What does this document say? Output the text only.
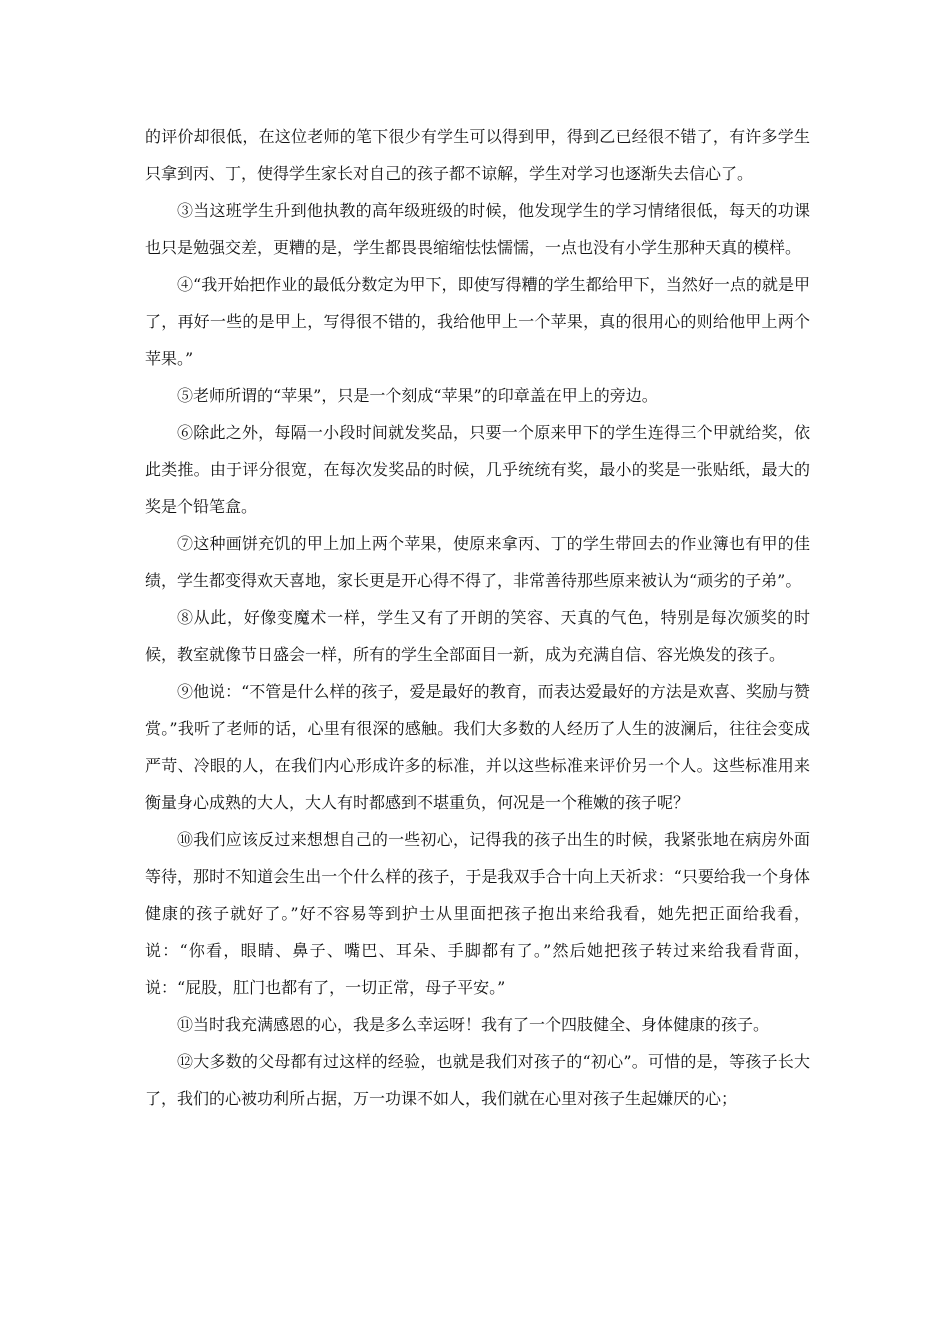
的评价却很低，在这位老师的笔下很少有学生可以得到甲，得到乙已经很不错了，有许多学生只拿到丙、丁，使得学生家长对自己的孩子都不谅解，学生对学习也逐渐失去信心了。

③当这班学生升到他执教的高年级班级的时候，他发现学生的学习情绪很低，每天的功课也只是勉强交差，更糟的是，学生都畏畏缩缩怯怯懦懦，一点也没有小学生那种天真的模样。

④“我开始把作业的最低分数定为甲下，即使写得糟的学生都给甲下，当然好一点的就是甲了，再好一些的是甲上，写得很不错的，我给他甲上一个苹果，真的很用心的则给他甲上两个苹果。”

⑤老师所谓的“苹果”，只是一个刻成“苹果”的印章盖在甲上的旁边。

⑥除此之外，每隔一小段时间就发奖品，只要一个原来甲下的学生连得三个甲就给奖，依此类推。由于评分很宽，在每次发奖品的时候，几乎统统有奖，最小的奖是一张贴纸，最大的奖是个铅笔盒。

⑦这种画饼充饥的甲上加上两个苹果，使原来拿丙、丁的学生带回去的作业簿也有甲的佳绩，学生都变得欢天喜地，家长更是开心得不得了，非常善待那些原来被认为“顽劣的子弟”。

⑧从此，好像变魔术一样，学生又有了开朗的笑容、天真的气色，特别是每次颁奖的时候，教室就像节日盛会一样，所有的学生全部面目一新，成为充满自信、容光焕发的孩子。

⑨他说：“不管是什么样的孩子，爱是最好的教育，而表达爱最好的方法是欢喜、奖励与赞赏。”我听了老师的话，心里有很深的感触。我们大多数的人经历了人生的波澜后，往往会变成严苛、冷眼的人，在我们内心形成许多的标准，并以这些标准来评价另一个人。这些标准用来衡量身心成熟的大人，大人有时都感到不堪重负，何况是一个稚嫩的孩子呢？

⑩我们应该反过来想想自己的一些初心，记得我的孩子出生的时候，我紧张地在病房外面等待，那时不知道会生出一个什么样的孩子，于是我双手合十向上天祈求：“只要给我一个身体健康的孩子就好了。”好不容易等到护士从里面把孩子抱出来给我看，她先把正面给我看，说：“你看，眼睛、鼻子、嘴巴、耳朵、手脚都有了。”然后她把孩子转过来给我看背面，说：“屁股，肛门也都有了，一切正常，母子平安。”

⑪当时我充满感恩的心，我是多么幸运呀！我有了一个四肢健全、身体健康的孩子。

⑫大多数的父母都有过这样的经验，也就是我们对孩子的“初心”。可惜的是，等孩子长大了，我们的心被功利所占据，万一功课不如人，我们就在心里对孩子生起嫌厌的心；
